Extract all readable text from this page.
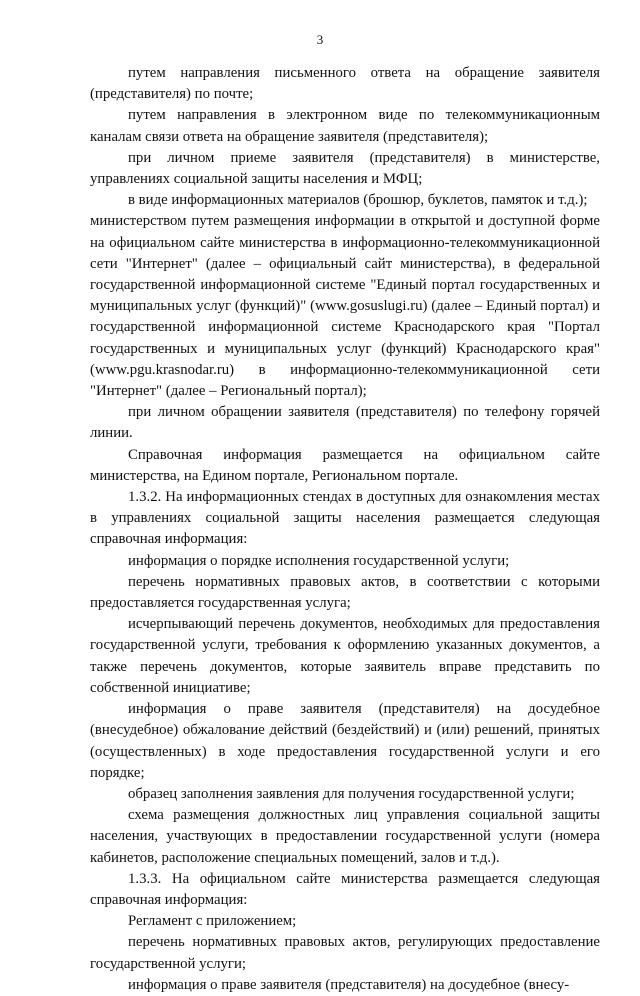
3

путем направления письменного ответа на обращение заявителя (представителя) по почте;

путем направления в электронном виде по телекоммуникационным каналам связи ответа на обращение заявителя (представителя);

при личном приеме заявителя (представителя) в министерстве, управлениях социальной защиты населения и МФЦ;

в виде информационных материалов (брошюр, буклетов, памяток и т.д.);

министерством путем размещения информации в открытой и доступной форме на официальном сайте министерства в информационно-телекоммуникационной сети "Интернет" (далее – официальный сайт министерства), в федеральной государственной информационной системе "Единый портал государственных и муниципальных услуг (функций)" (www.gosuslugi.ru) (далее – Единый портал) и государственной информационной системе Краснодарского края "Портал государственных и муниципальных услуг (функций) Краснодарского края" (www.pgu.krasnodar.ru) в информационно-телекоммуникационной сети "Интернет" (далее – Региональный портал);

при личном обращении заявителя (представителя) по телефону горячей линии.

Справочная информация размещается на официальном сайте министерства, на Едином портале, Региональном портале.

1.3.2. На информационных стендах в доступных для ознакомления местах в управлениях социальной защиты населения размещается следующая справочная информация:

информация о порядке исполнения государственной услуги;

перечень нормативных правовых актов, в соответствии с которыми предоставляется государственная услуга;

исчерпывающий перечень документов, необходимых для предоставления государственной услуги, требования к оформлению указанных документов, а также перечень документов, которые заявитель вправе представить по собственной инициативе;

информация о праве заявителя (представителя) на досудебное (внесудебное) обжалование действий (бездействий) и (или) решений, принятых (осуществленных) в ходе предоставления государственной услуги и его порядке;

образец заполнения заявления для получения государственной услуги;

схема размещения должностных лиц управления социальной защиты населения, участвующих в предоставлении государственной услуги (номера кабинетов, расположение специальных помещений, залов и т.д.).

1.3.3. На официальном сайте министерства размещается следующая справочная информация:

Регламент с приложением;

перечень нормативных правовых актов, регулирующих предоставление государственной услуги;

информация о праве заявителя (представителя) на досудебное (внесу-
